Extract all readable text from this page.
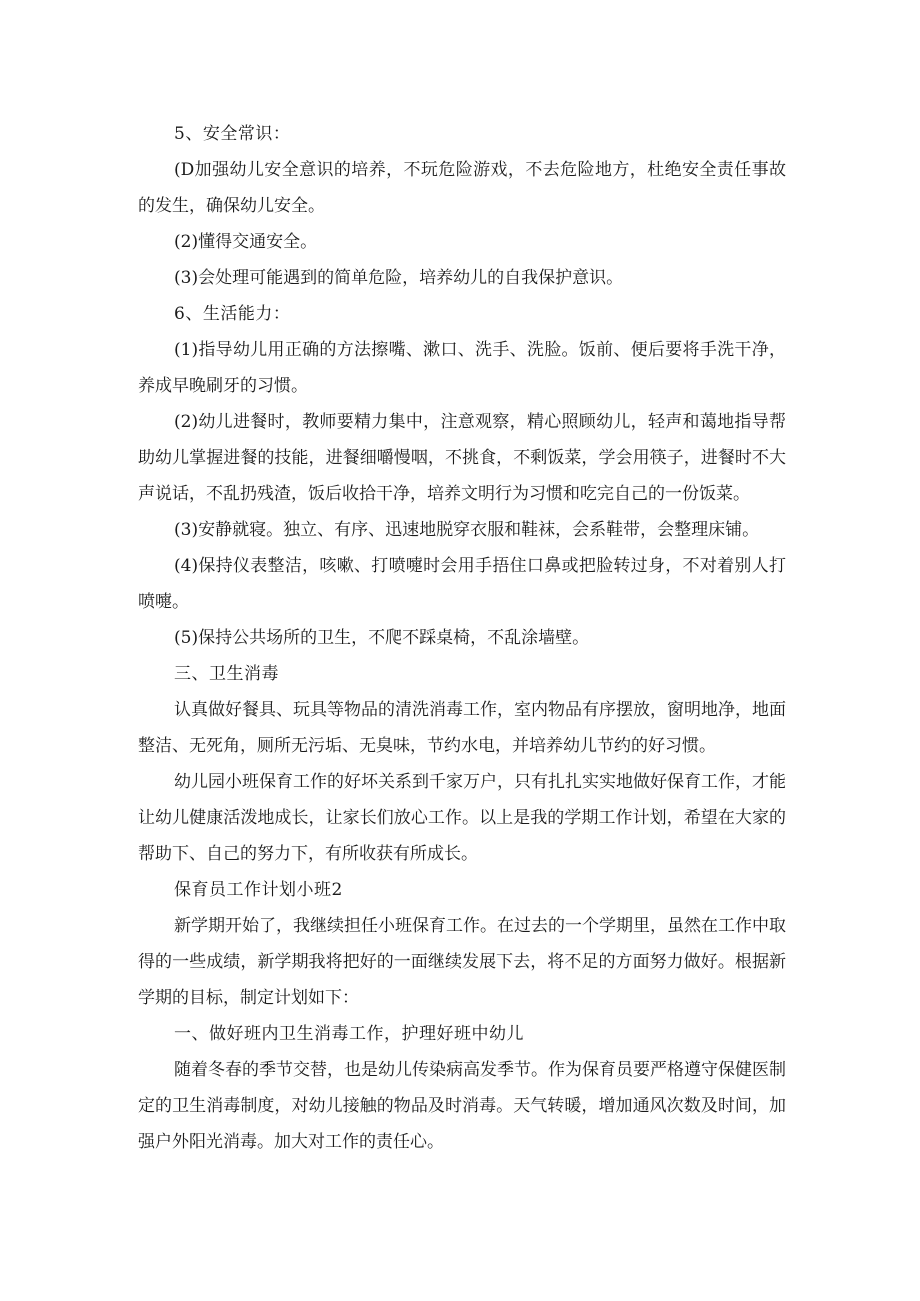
5、安全常识：

(D加强幼儿安全意识的培养，不玩危险游戏，不去危险地方，杜绝安全责任事故的发生，确保幼儿安全。

(2)懂得交通安全。

(3)会处理可能遇到的简单危险，培养幼儿的自我保护意识。

6、生活能力：

(1)指导幼儿用正确的方法擦嘴、漱口、洗手、洗脸。饭前、便后要将手洗干净，养成早晚刷牙的习惯。

(2)幼儿进餐时，教师要精力集中，注意观察，精心照顾幼儿，轻声和蔼地指导帮助幼儿掌握进餐的技能，进餐细嚼慢咽，不挑食，不剩饭菜，学会用筷子，进餐时不大声说话，不乱扔残渣，饭后收拾干净，培养文明行为习惯和吃完自己的一份饭菜。

(3)安静就寝。独立、有序、迅速地脱穿衣服和鞋袜，会系鞋带，会整理床铺。

(4)保持仪表整洁，咳嗽、打喷嚏时会用手捂住口鼻或把脸转过身，不对着别人打喷嚏。

(5)保持公共场所的卫生，不爬不踩桌椅，不乱涂墙壁。

三、卫生消毒

认真做好餐具、玩具等物品的清洗消毒工作，室内物品有序摆放，窗明地净，地面整洁、无死角，厕所无污垢、无臭味，节约水电，并培养幼儿节约的好习惯。

幼儿园小班保育工作的好坏关系到千家万户，只有扎扎实实地做好保育工作，才能让幼儿健康活泼地成长，让家长们放心工作。以上是我的学期工作计划，希望在大家的帮助下、自己的努力下，有所收获有所成长。

保育员工作计划小班2

新学期开始了，我继续担任小班保育工作。在过去的一个学期里，虽然在工作中取得的一些成绩，新学期我将把好的一面继续发展下去，将不足的方面努力做好。根据新学期的目标，制定计划如下：

一、做好班内卫生消毒工作，护理好班中幼儿

随着冬春的季节交替，也是幼儿传染病高发季节。作为保育员要严格遵守保健医制定的卫生消毒制度，对幼儿接触的物品及时消毒。天气转暖，增加通风次数及时间，加强户外阳光消毒。加大对工作的责任心。
